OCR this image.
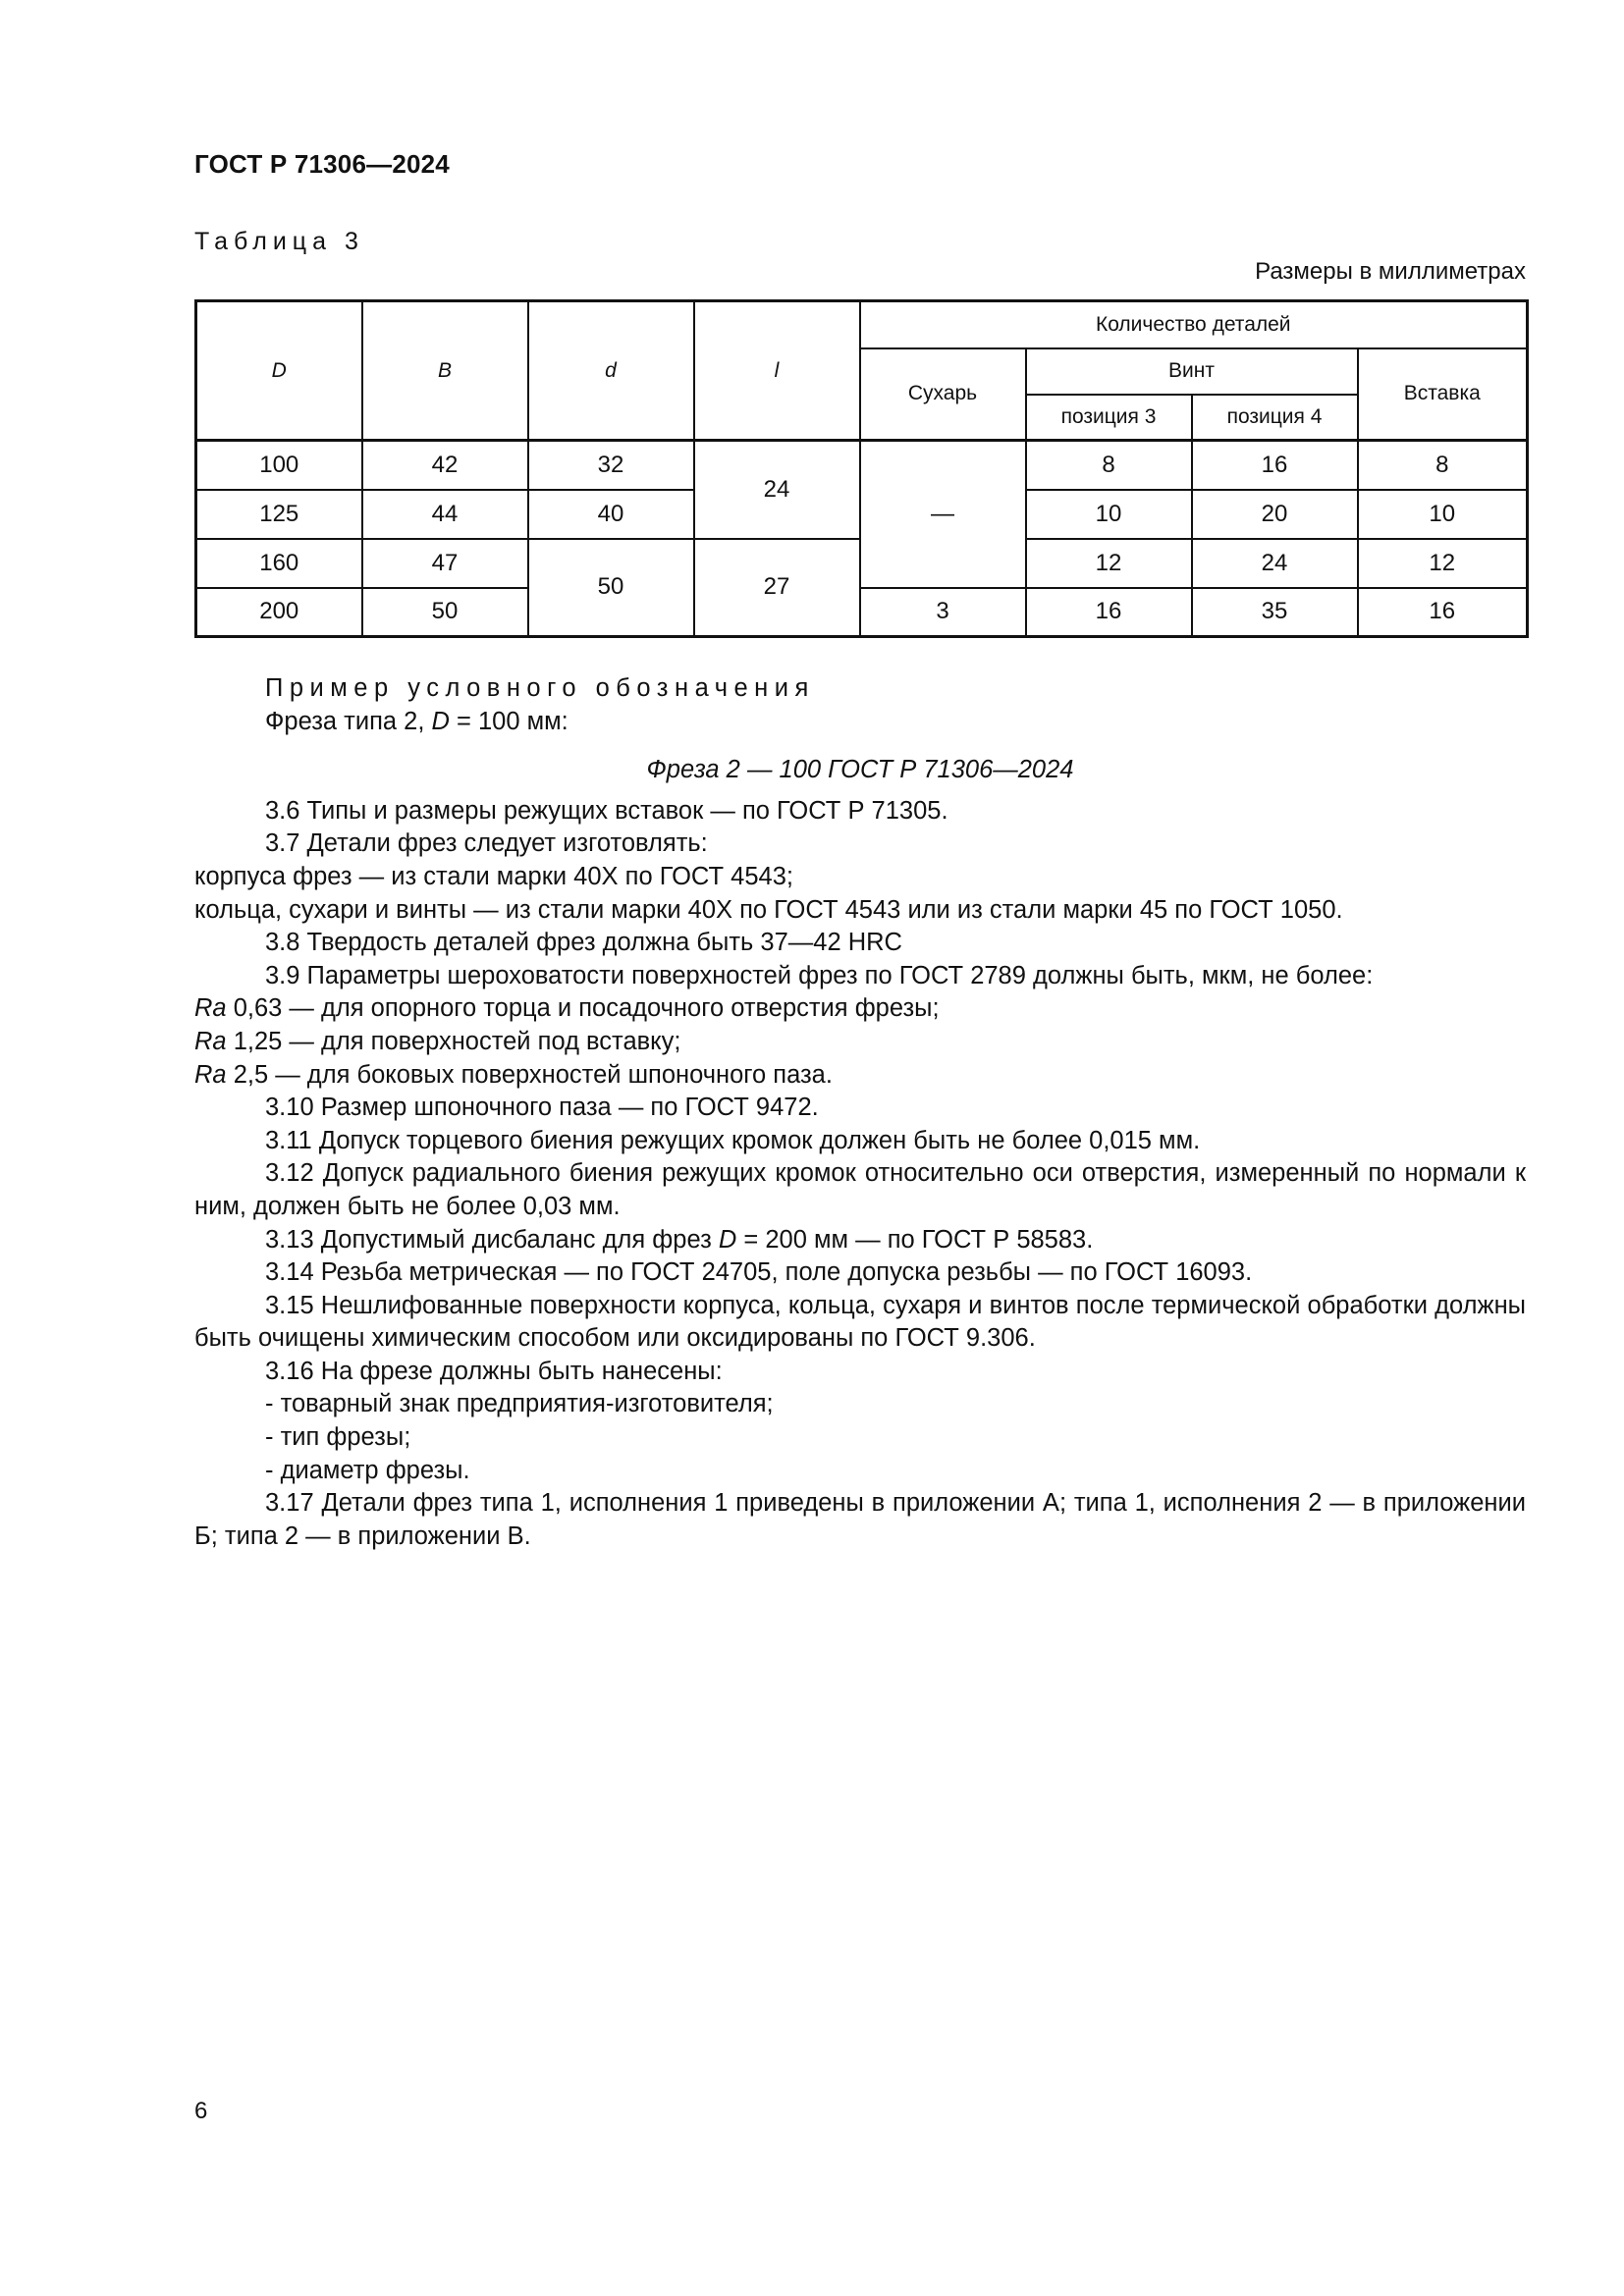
ГОСТ Р 71306—2024
Таблица 3
Размеры в миллиметрах
D	B	d	l	Количество деталей			
				Сухарь	Винт		Вставка
					позиция 3	позиция 4	
100	42	32	24	—	8	16	8
125	44	40			10	20	10
160	47	50	27		12	24	12
200	50			3	16	35	16

Пример условного обозначения

Фреза типа 2, D = 100 мм:

Фреза 2 — 100 ГОСТ Р 71306—2024

3.6 Типы и размеры режущих вставок — по ГОСТ Р 71305.

3.7 Детали фрез следует изготовлять:

корпуса фрез — из стали марки 40Х по ГОСТ 4543;

кольца, сухари и винты — из стали марки 40Х по ГОСТ 4543 или из стали марки 45 по ГОСТ 1050.

3.8 Твердость деталей фрез должна быть 37—42 HRC

3.9 Параметры шероховатости поверхностей фрез по ГОСТ 2789 должны быть, мкм, не более:

Ra 0,63 — для опорного торца и посадочного отверстия фрезы;

Ra 1,25 — для поверхностей под вставку;

Ra 2,5 — для боковых поверхностей шпоночного паза.

3.10 Размер шпоночного паза — по ГОСТ 9472.

3.11 Допуск торцевого биения режущих кромок должен быть не более 0,015 мм.

3.12 Допуск радиального биения режущих кромок относительно оси отверстия, измеренный по нормали к ним, должен быть не более 0,03 мм.

3.13 Допустимый дисбаланс для фрез D = 200 мм — по ГОСТ Р 58583.

3.14 Резьба метрическая — по ГОСТ 24705, поле допуска резьбы — по ГОСТ 16093.

3.15 Нешлифованные поверхности корпуса, кольца, сухаря и винтов после термической обработки должны быть очищены химическим способом или оксидированы по ГОСТ 9.306.

3.16 На фрезе должны быть нанесены:

- товарный знак предприятия-изготовителя;

- тип фрезы;

- диаметр фрезы.

3.17 Детали фрез типа 1, исполнения 1 приведены в приложении А; типа 1, исполнения 2 — в приложении Б; типа 2 — в приложении В.

6
